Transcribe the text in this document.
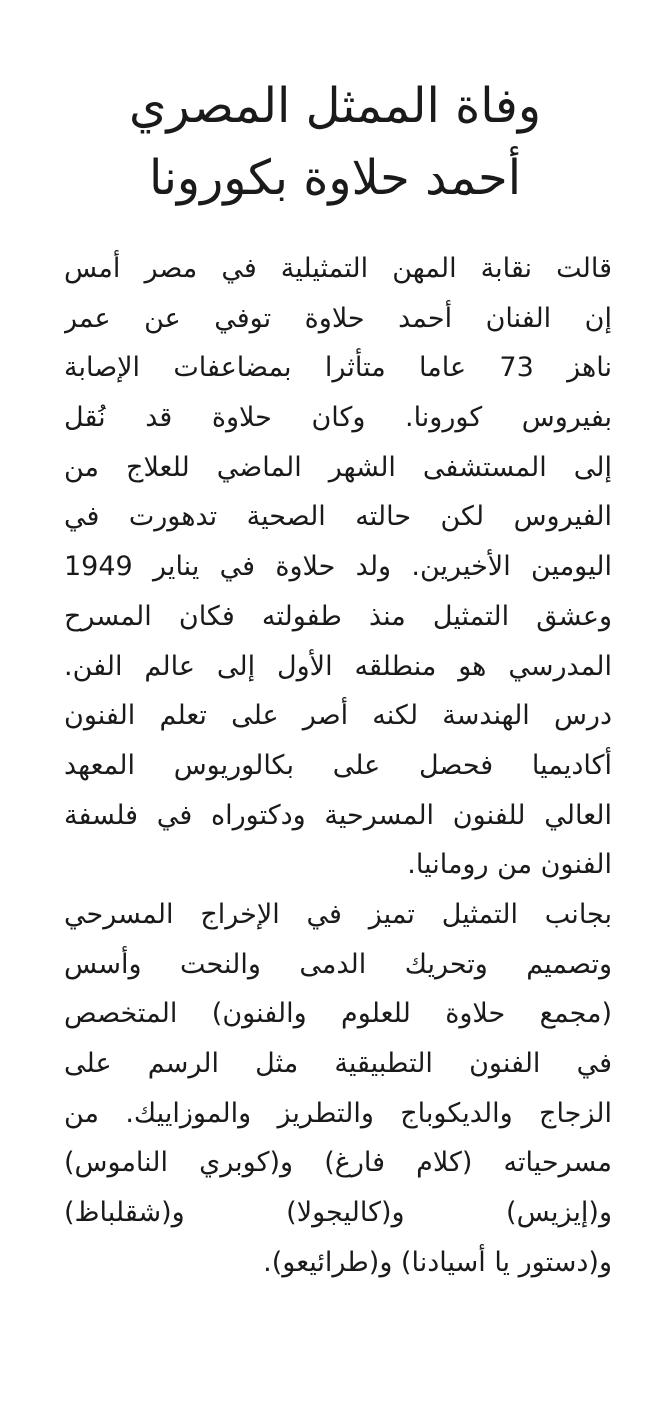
وفاة الممثل المصري
أحمد حلاوة بكورونا

قالت نقابة المهن التمثيلية في مصر أمس
إن الفنان أحمد حلاوة توفي عن عمر
ناهز 73 عاما متأثرا بمضاعفات الإصابة
بفيروس كورونا. وكان حلاوة قد نُقل
إلى المستشفى الشهر الماضي للعلاج من
الفيروس لكن حالته الصحية تدهورت في
اليومين الأخيرين. ولد حلاوة في يناير 1949
وعشق التمثيل منذ طفولته فكان المسرح
المدرسي هو منطلقه الأول إلى عالم الفن.
درس الهندسة لكنه أصر على تعلم الفنون
أكاديميا فحصل على بكالوريوس المعهد
العالي للفنون المسرحية ودكتوراه في فلسفة
الفنون من رومانيا.

بجانب التمثيل تميز في الإخراج المسرحي
وتصميم وتحريك الدمى والنحت وأسس
(مجمع حلاوة للعلوم والفنون) المتخصص
في الفنون التطبيقية مثل الرسم على
الزجاج والديكوباج والتطريز والموزاييك. من
مسرحياته (كلام فارغ) و(كوبري الناموس)
و(إيزيس) و(كاليجولا) و(شقلباظ)
و(دستور يا أسيادنا) و(طرائيعو).
